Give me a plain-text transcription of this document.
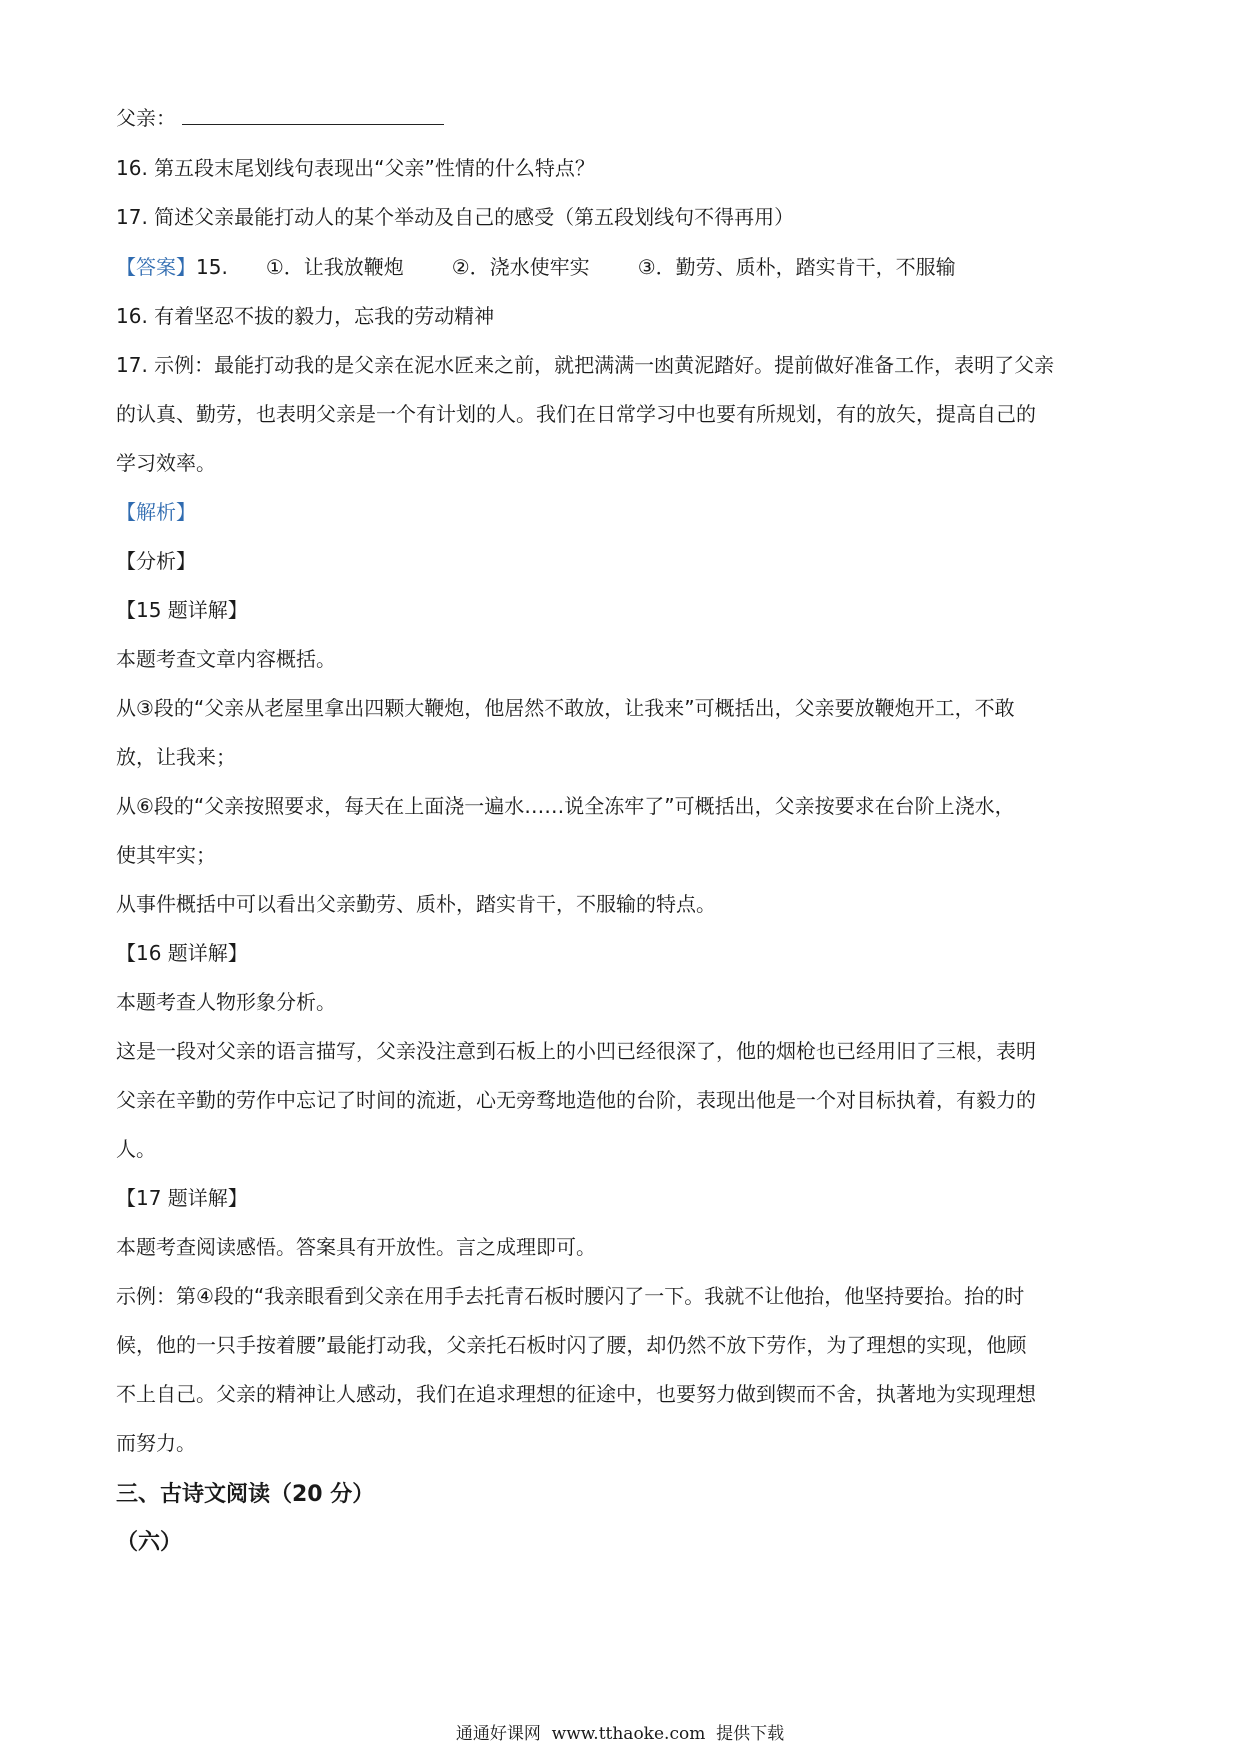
父亲：
16. 第五段末尾划线句表现出“父亲”性情的什么特点？
17. 简述父亲最能打动人的某个举动及自己的感受（第五段划线句不得再用）
【答案】15. ①．让我放鞭炮 ②．浇水使牢实 ③．勤劳、质朴，踏实肯干，不服输
16. 有着坚忍不拔的毅力，忘我的劳动精神
17. 示例：最能打动我的是父亲在泥水匠来之前，就把满满一凼黄泥踏好。提前做好准备工作，表明了父亲
的认真、勤劳，也表明父亲是一个有计划的人。我们在日常学习中也要有所规划，有的放矢，提高自己的
学习效率。
【解析】
【分析】
【15 题详解】
本题考查文章内容概括。
从③段的“父亲从老屋里拿出四颗大鞭炮，他居然不敢放，让我来”可概括出，父亲要放鞭炮开工，不敢
放，让我来；
从⑥段的“父亲按照要求，每天在上面浇一遍水……说全冻牢了”可概括出，父亲按要求在台阶上浇水，
使其牢实；
从事件概括中可以看出父亲勤劳、质朴，踏实肯干，不服输的特点。
【16 题详解】
本题考查人物形象分析。
这是一段对父亲的语言描写，父亲没注意到石板上的小凹已经很深了，他的烟枪也已经用旧了三根，表明
父亲在辛勤的劳作中忘记了时间的流逝，心无旁骛地造他的台阶，表现出他是一个对目标执着，有毅力的
人。
【17 题详解】
本题考查阅读感悟。答案具有开放性。言之成理即可。
示例：第④段的“我亲眼看到父亲在用手去托青石板时腰闪了一下。我就不让他抬，他坚持要抬。抬的时
候，他的一只手按着腰”最能打动我，父亲托石板时闪了腰，却仍然不放下劳作，为了理想的实现，他顾
不上自己。父亲的精神让人感动，我们在追求理想的征途中，也要努力做到锲而不舍，执著地为实现理想
而努力。
三、古诗文阅读（20 分）
（六）
通通好课网 www.tthaoke.com 提供下载
